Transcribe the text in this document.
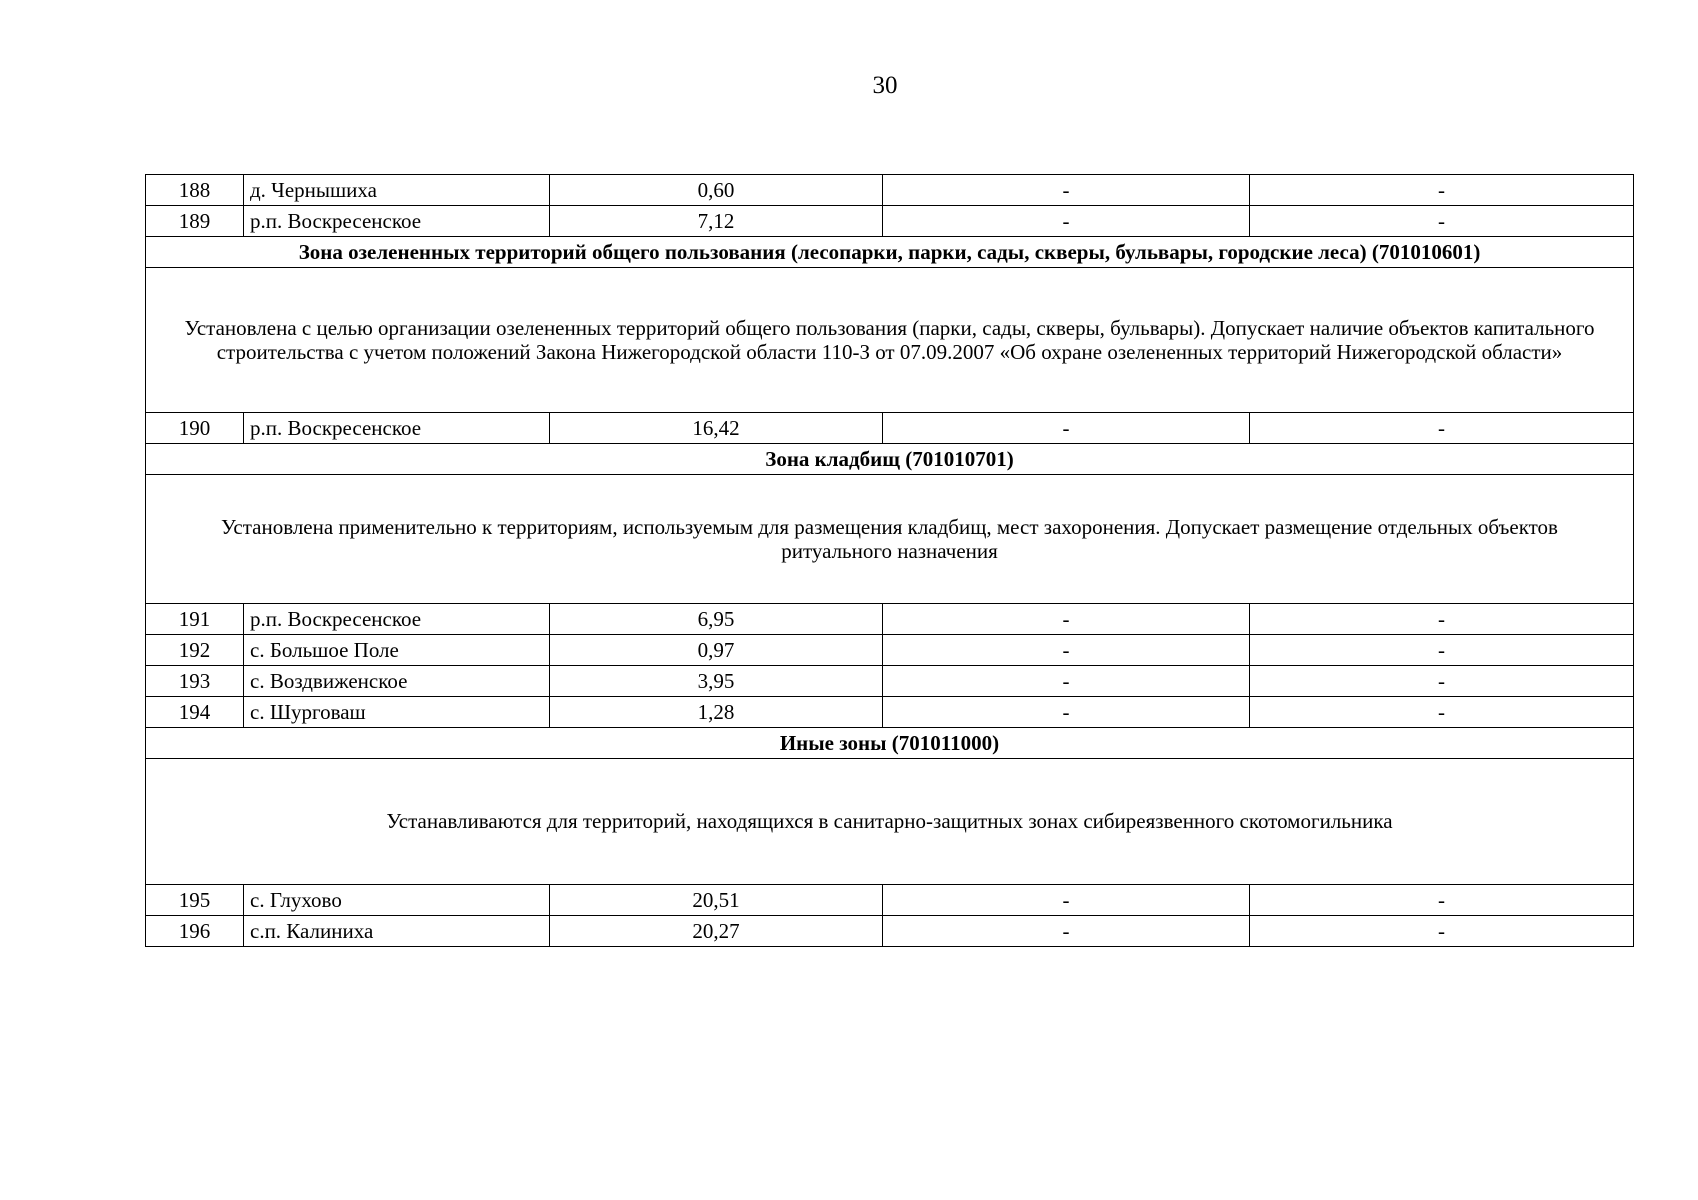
30
188	д. Чернышиха	0,60	-	-
189	р.п. Воскресенское	7,12	-	-
Зона озелененных территорий общего пользования (лесопарки, парки, сады, скверы, бульвары, городские леса) (701010601)				
Установлена с целью организации озелененных территорий общего пользования (парки, сады, скверы, бульвары). Допускает наличие объектов капитального строительства с учетом положений Закона Нижегородской области 110-З от 07.09.2007 «Об охране озелененных территорий Нижегородской области»				
190	р.п. Воскресенское	16,42	-	-
Зона кладбищ (701010701)				
Установлена применительно к территориям, используемым для размещения кладбищ, мест захоронения. Допускает размещение отдельных объектов ритуального назначения				
191	р.п. Воскресенское	6,95	-	-
192	с. Большое Поле	0,97	-	-
193	с. Воздвиженское	3,95	-	-
194	с. Шурговаш	1,28	-	-
Иные зоны (701011000)				
Устанавливаются для территорий, находящихся в санитарно-защитных зонах сибиреязвенного скотомогильника				
195	с. Глухово	20,51	-	-
196	с.п. Калиниха	20,27	-	-
